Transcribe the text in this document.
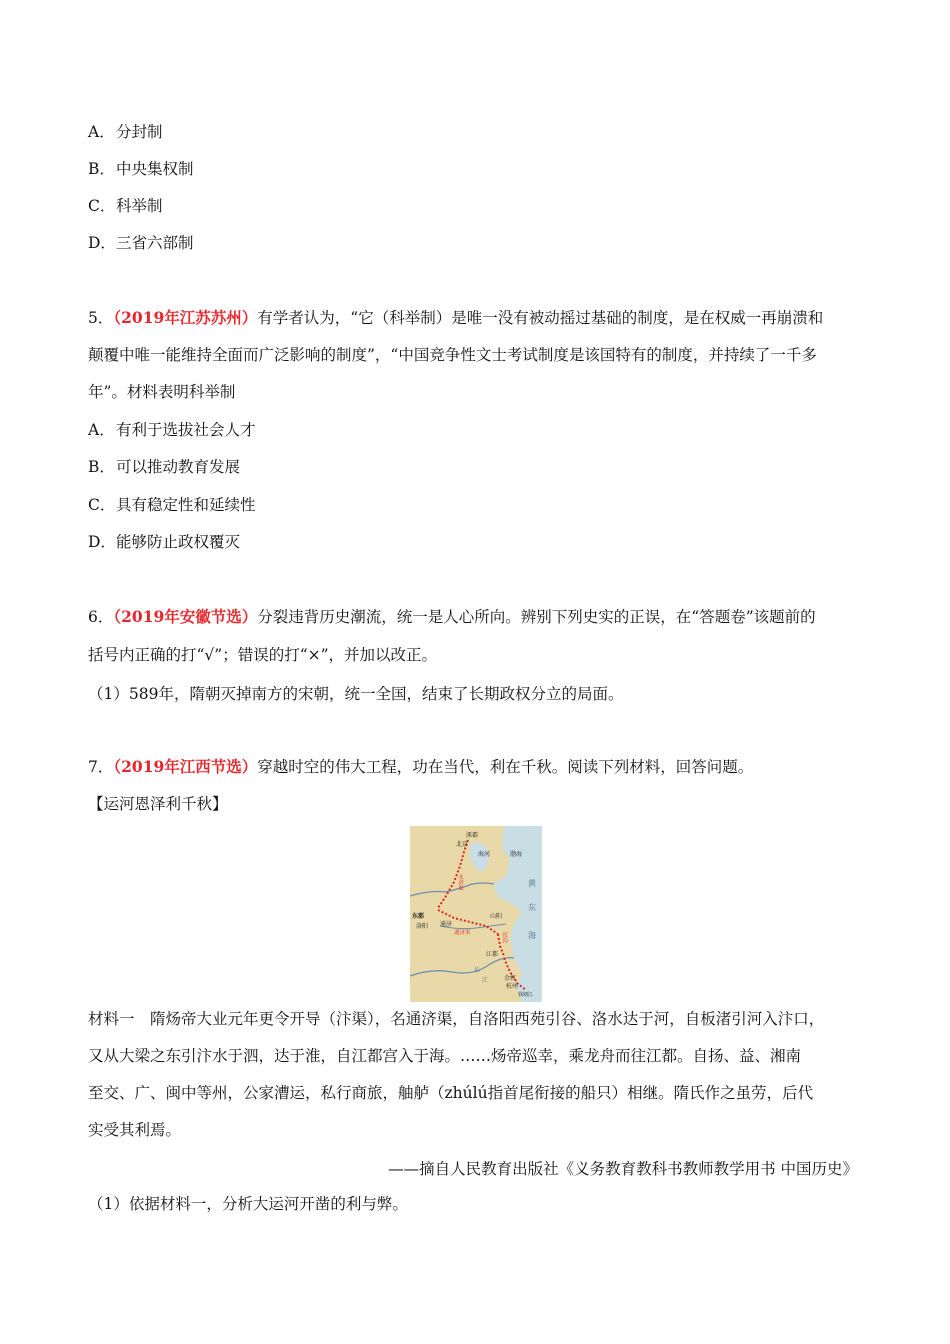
A．分封制
B．中央集权制
C．科举制
D．三省六部制
5．（2019年江苏苏州）有学者认为，“它（科举制）是唯一没有被动摇过基础的制度，是在权威一再崩溃和
颠覆中唯一能维持全面而广泛影响的制度”，“中国竞争性文士考试制度是该国特有的制度，并持续了一千多
年”。材料表明科举制
A．有利于选拔社会人才
B．可以推动教育发展
C．具有稳定性和延续性
D．能够防止政权覆灭
6．（2019年安徽节选）分裂违背历史潮流，统一是人心所向。辨别下列史实的正误，在“答题卷”该题前的
括号内正确的打“√”；错误的打“×”，并加以改正。
（1）589年，隋朝灭掉南方的宋朝，统一全国，结束了长期政权分立的局面。
7．（2019年江西节选）穿越时空的伟大工程，功在当代，利在千秋。阅读下列材料，回答问题。
【运河恩泽利千秋】
涿郡
北京
海河	渤海
东都
洛阳 通济
山阳
黄
海
东
江都
余杭
杭州
钱塘江
长
江
永济渠
通济渠	邗沟
材料一　隋炀帝大业元年更令开导（汴渠），名通济渠，自洛阳西苑引谷、洛水达于河，自板渚引河入汴口，
又从大梁之东引汴水于泗，达于淮，自江都宫入于海。……炀帝巡幸，乘龙舟而往江都。自扬、益、湘南
至交、广、闽中等州，公家漕运，私行商旅，舳舻（zhúlú指首尾衔接的船只）相继。隋氏作之虽劳，后代
实受其利焉。
——摘自人民教育出版社《义务教育教科书教师教学用书 中国历史》
（1）依据材料一，分析大运河开凿的利与弊。
